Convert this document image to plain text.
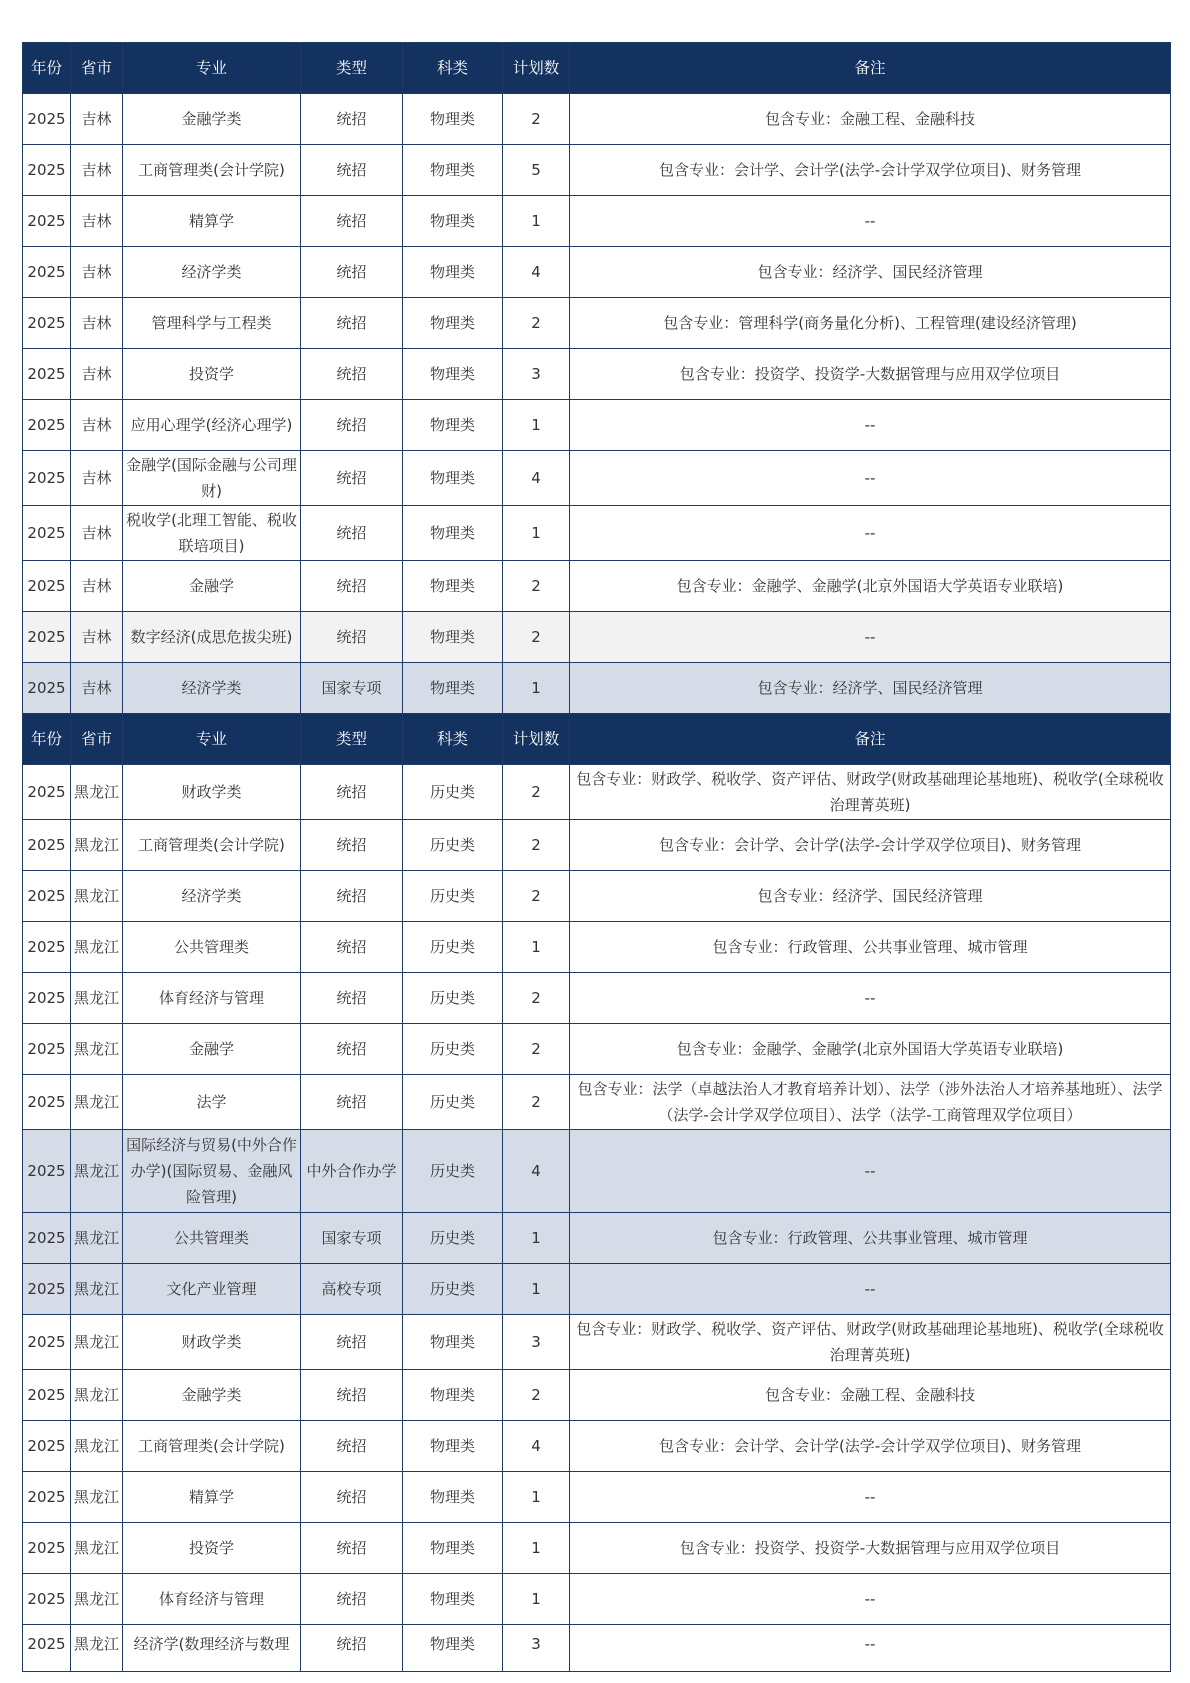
年份	省市	专业	类型	科类	计划数	备注
2025	吉林	金融学类	统招	物理类	2	包含专业：金融工程、金融科技
2025	吉林	工商管理类(会计学院)	统招	物理类	5	包含专业：会计学、会计学(法学-会计学双学位项目)、财务管理
2025	吉林	精算学	统招	物理类	1	--
2025	吉林	经济学类	统招	物理类	4	包含专业：经济学、国民经济管理
2025	吉林	管理科学与工程类	统招	物理类	2	包含专业：管理科学(商务量化分析)、工程管理(建设经济管理)
2025	吉林	投资学	统招	物理类	3	包含专业：投资学、投资学-大数据管理与应用双学位项目
2025	吉林	应用心理学(经济心理学)	统招	物理类	1	--
2025	吉林	金融学(国际金融与公司理财)	统招	物理类	4	--
2025	吉林	税收学(北理工智能、税收联培项目)	统招	物理类	1	--
2025	吉林	金融学	统招	物理类	2	包含专业：金融学、金融学(北京外国语大学英语专业联培)
2025	吉林	数字经济(成思危拔尖班)	统招	物理类	2	--
2025	吉林	经济学类	国家专项	物理类	1	包含专业：经济学、国民经济管理
年份	省市	专业	类型	科类	计划数	备注
2025	黑龙江	财政学类	统招	历史类	2	包含专业：财政学、税收学、资产评估、财政学(财政基础理论基地班)、税收学(全球税收治理菁英班)
2025	黑龙江	工商管理类(会计学院)	统招	历史类	2	包含专业：会计学、会计学(法学-会计学双学位项目)、财务管理
2025	黑龙江	经济学类	统招	历史类	2	包含专业：经济学、国民经济管理
2025	黑龙江	公共管理类	统招	历史类	1	包含专业：行政管理、公共事业管理、城市管理
2025	黑龙江	体育经济与管理	统招	历史类	2	--
2025	黑龙江	金融学	统招	历史类	2	包含专业：金融学、金融学(北京外国语大学英语专业联培)
2025	黑龙江	法学	统招	历史类	2	包含专业：法学（卓越法治人才教育培养计划）、法学（涉外法治人才培养基地班）、法学（法学-会计学双学位项目）、法学（法学-工商管理双学位项目）
2025	黑龙江	国际经济与贸易(中外合作办学)(国际贸易、金融风险管理)	中外合作办学	历史类	4	--
2025	黑龙江	公共管理类	国家专项	历史类	1	包含专业：行政管理、公共事业管理、城市管理
2025	黑龙江	文化产业管理	高校专项	历史类	1	--
2025	黑龙江	财政学类	统招	物理类	3	包含专业：财政学、税收学、资产评估、财政学(财政基础理论基地班)、税收学(全球税收治理菁英班)
2025	黑龙江	金融学类	统招	物理类	2	包含专业：金融工程、金融科技
2025	黑龙江	工商管理类(会计学院)	统招	物理类	4	包含专业：会计学、会计学(法学-会计学双学位项目)、财务管理
2025	黑龙江	精算学	统招	物理类	1	--
2025	黑龙江	投资学	统招	物理类	1	包含专业：投资学、投资学-大数据管理与应用双学位项目
2025	黑龙江	体育经济与管理	统招	物理类	1	--
2025	黑龙江	经济学(数理经济与数理	统招	物理类	3	--
